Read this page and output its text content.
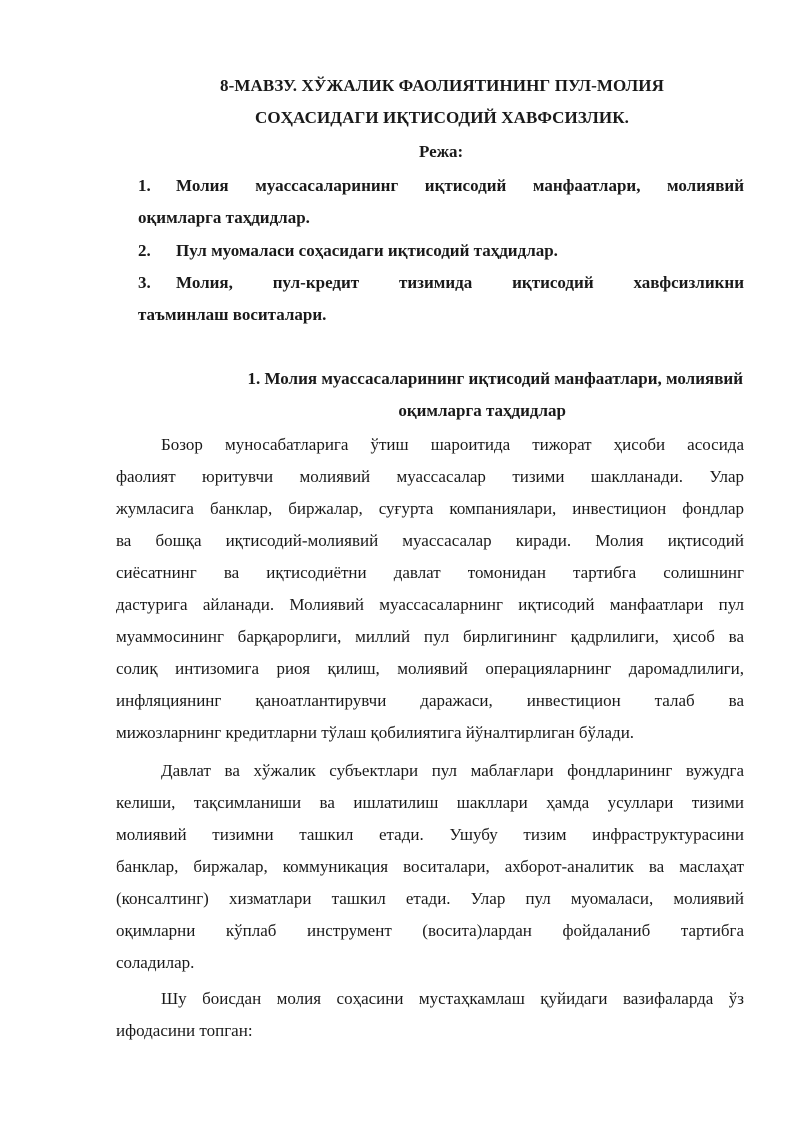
8-МАВЗУ. ХЎЖАЛИК ФАОЛИЯТИНИНГ ПУЛ-МОЛИЯ
СОҲАСИДАГИ ИҚТИСОДИЙ ХАВФСИЗЛИК.
Режа:
1. Молия муассасаларининг иқтисодий манфаатлари, молиявий
оқимларга таҳдидлар.
2. Пул муомаласи соҳасидаги иқтисодий таҳдидлар.
3. Молия, пул-кредит тизимида иқтисодий хавфсизликни
таъминлаш воситалари.
1. Молия муассасаларининг иқтисодий манфаатлари, молиявий
оқимларга таҳдидлар
Бозор муносабатларига ўтиш шароитида тижорат ҳисоби асосида
фаолият юритувчи молиявий муассасалар тизими шаклланади. Улар
жумласига банклар, биржалар, суғурта компаниялари, инвестицион фондлар
ва бошқа иқтисодий-молиявий муассасалар киради. Молия иқтисодий
сиёсатнинг ва иқтисодиётни давлат томонидан тартибга солишнинг
дастурига айланади. Молиявий муассасаларнинг иқтисодий манфаатлари пул
муаммосининг барқарорлиги, миллий пул бирлигининг қадрлилиги, ҳисоб ва
солиқ интизомига риоя қилиш, молиявий операцияларнинг даромадлилиги,
инфляциянинг қаноатлантирувчи даражаси, инвестицион талаб ва
мижозларнинг кредитларни тўлаш қобилиятига йўналтирлиган бўлади.
Давлат ва хўжалик субъектлари пул маблағлари фондларининг вужудга
келиши, тақсимланиши ва ишлатилиш шакллари ҳамда усуллари тизими
молиявий тизимни ташкил етади. Ушубу тизим инфраструктурасини
банклар, биржалар, коммуникация воситалари, ахборот-аналитик ва маслаҳат
(консалтинг) хизматлари ташкил етади. Улар пул муомаласи, молиявий
оқимларни кўплаб инструмент (восита)лардан фойдаланиб тартибга
соладилар.
Шу боисдан молия соҳасини мустаҳкамлаш қуйидаги вазифаларда ўз
ифодасини топган:
